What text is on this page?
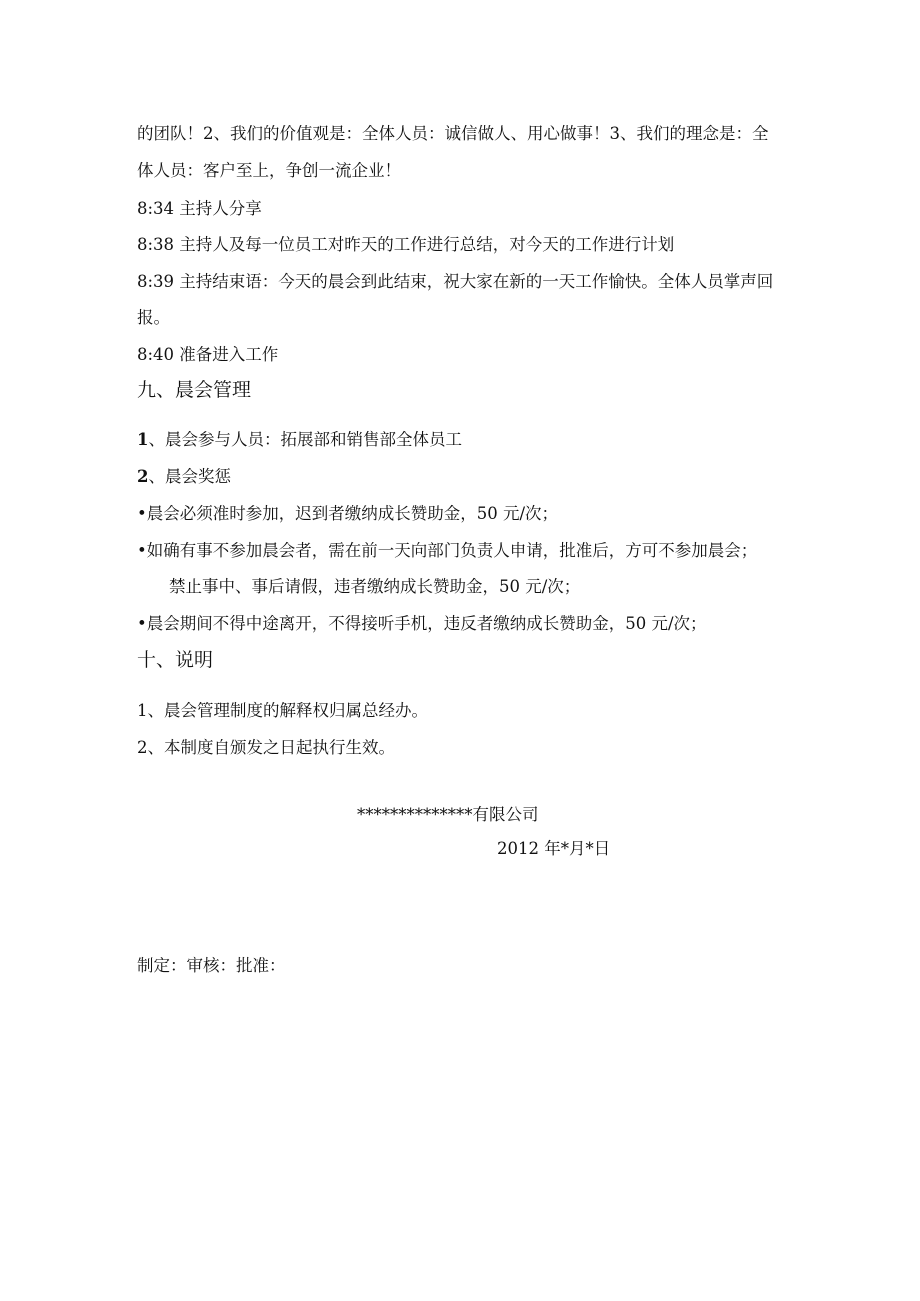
的团队！2、我们的价值观是：全体人员：诚信做人、用心做事！3、我们的理念是：全
体人员：客户至上，争创一流企业！
8:34 主持人分享
8:38 主持人及每一位员工对昨天的工作进行总结，对今天的工作进行计划
8:39 主持结束语：今天的晨会到此结束，祝大家在新的一天工作愉快。全体人员掌声回
报。
8:40 准备进入工作
九、晨会管理
1、晨会参与人员：拓展部和销售部全体员工
2、晨会奖惩
•晨会必须准时参加，迟到者缴纳成长赞助金，50 元/次；
•如确有事不参加晨会者，需在前一天向部门负责人申请，批准后，方可不参加晨会；
禁止事中、事后请假，违者缴纳成长赞助金，50 元/次；
•晨会期间不得中途离开，不得接听手机，违反者缴纳成长赞助金，50 元/次；
十、说明
1、晨会管理制度的解释权归属总经办。
2、本制度自颁发之日起执行生效。
**************有限公司
2012 年*月*日
制定：审核：批准：
